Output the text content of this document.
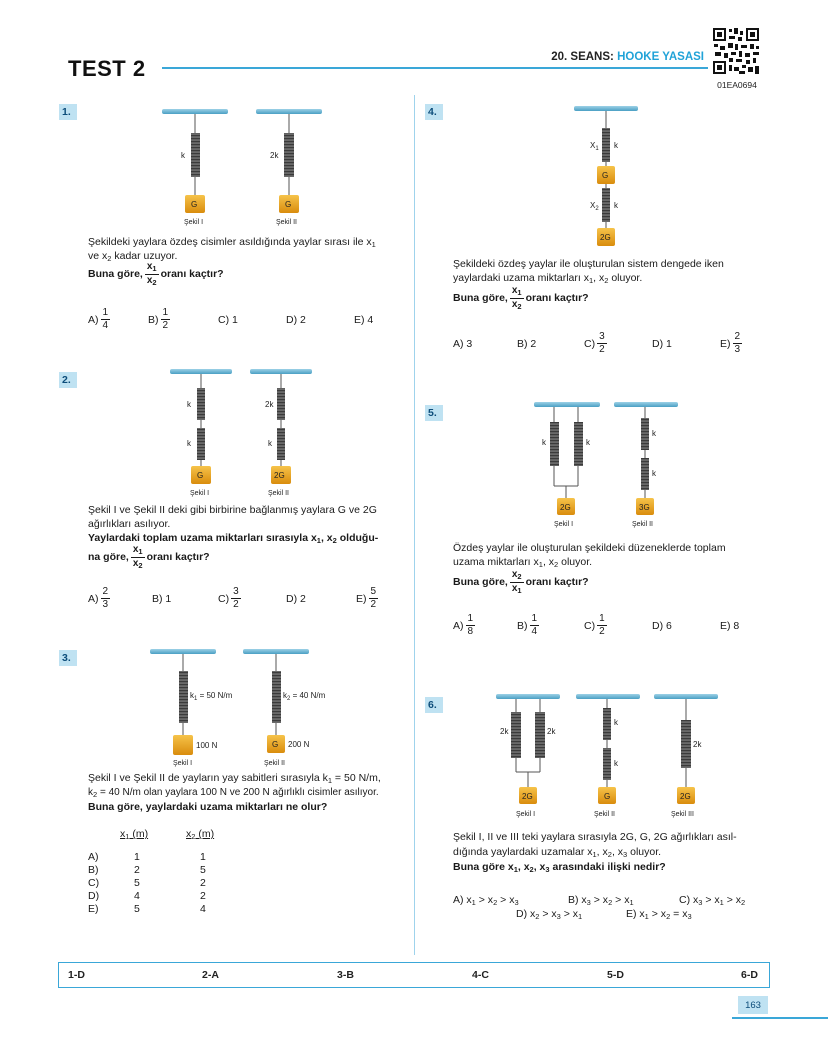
TEST 2	20. SEANS: HOOKE YASASI
01EA0694
1.
k
G
Şekil I
2k
G
Şekil II
Şekildeki yaylara özdeş cisimler asıldığında yaylar sırası ile $x_1$
ve $x_2$ kadar uzuyor.
Buna göre, $\frac{x_1}{x_2}$ oranı kaçtır?
$A) \frac{1}{4}$	$B) \frac{1}{2}$	C)
1	D)
2	E)
4
2.
k
k
G
Şekil I
2k
k
2G
Şekil II
Şekil I ve Şekil II deki gibi birbirine bağlanmış yaylara G ve 2G
ağırlıkları asılıyor.
Yaylardaki toplam uzama miktarları sırasıyla $x_1$, $x_2$ olduğu-
na göre, $\frac{x_1}{x_2}$ oranı kaçtır?
$A) \frac{2}{3}$	B)
1	$C) \frac{3}{2}$	D)
2	$E) \frac{5}{2}$
3.
$k_1 = 50$ N/m
100 N
Şekil I
$k_2 = 40$ N/m
G 200 N
Şekil II
Şekil I ve Şekil II de yayların yay sabitleri sırasıyla $k_1 = 50$ N/m,
$k_2 = 40$ N/m olan yaylara 100 N ve 200 N ağırlıklı cisimler asılıyor.
Buna göre, yaylardaki uzama miktarları ne olur?
$x_1$ (m)	$x_2$ (m)
A)	1	1
B)	2	5
C)	5	2
D)	4	2
E)	5	4
4.
$X_1$ k
G
$X_2$ k
2G
Şekildeki özdeş yaylar ile oluşturulan sistem dengede iken
yaylardaki uzama miktarları $x_1$, $x_2$ oluyor.
Buna göre, $\frac{x_1}{x_2}$ oranı kaçtır?
A)
3	B)
2	$C) \frac{3}{2}$	D)
1	$E) \frac{2}{3}$
5.
k	k
2G
Şekil I
k
k
3G
Şekil II
Özdeş yaylar ile oluşturulan şekildeki düzeneklerde toplam
uzama miktarları $x_1$, $x_2$ oluyor.
Buna göre, $\frac{x_2}{x_1}$ oranı kaçtır?
$A) \frac{1}{8}$	$B) \frac{1}{4}$	$C) \frac{1}{2}$	D)
6	E)
8
6.
2k	2k
2G
Şekil I
k
k
G
Şekil II
2k
2G
Şekil III
Şekil I, II ve III teki yaylara sırasıyla 2G, G, 2G ağırlıkları asıl-
dığında yaylardaki uzamalar $x_1$, $x_2$, $x_3$ oluyor.
Buna göre $x_1$, $x_2$, $x_3$ arasındaki ilişki nedir?
A) $x_1 > x_2 > x_3$	B) $x_3 > x_2 > x_1$	C) $x_3 > x_1 > x_2$
D) $x_2 > x_3 > x_1$	E) $x_1 > x_2 = x_3$
1-D	2-A	3-B	4-C	5-D	6-D
163
